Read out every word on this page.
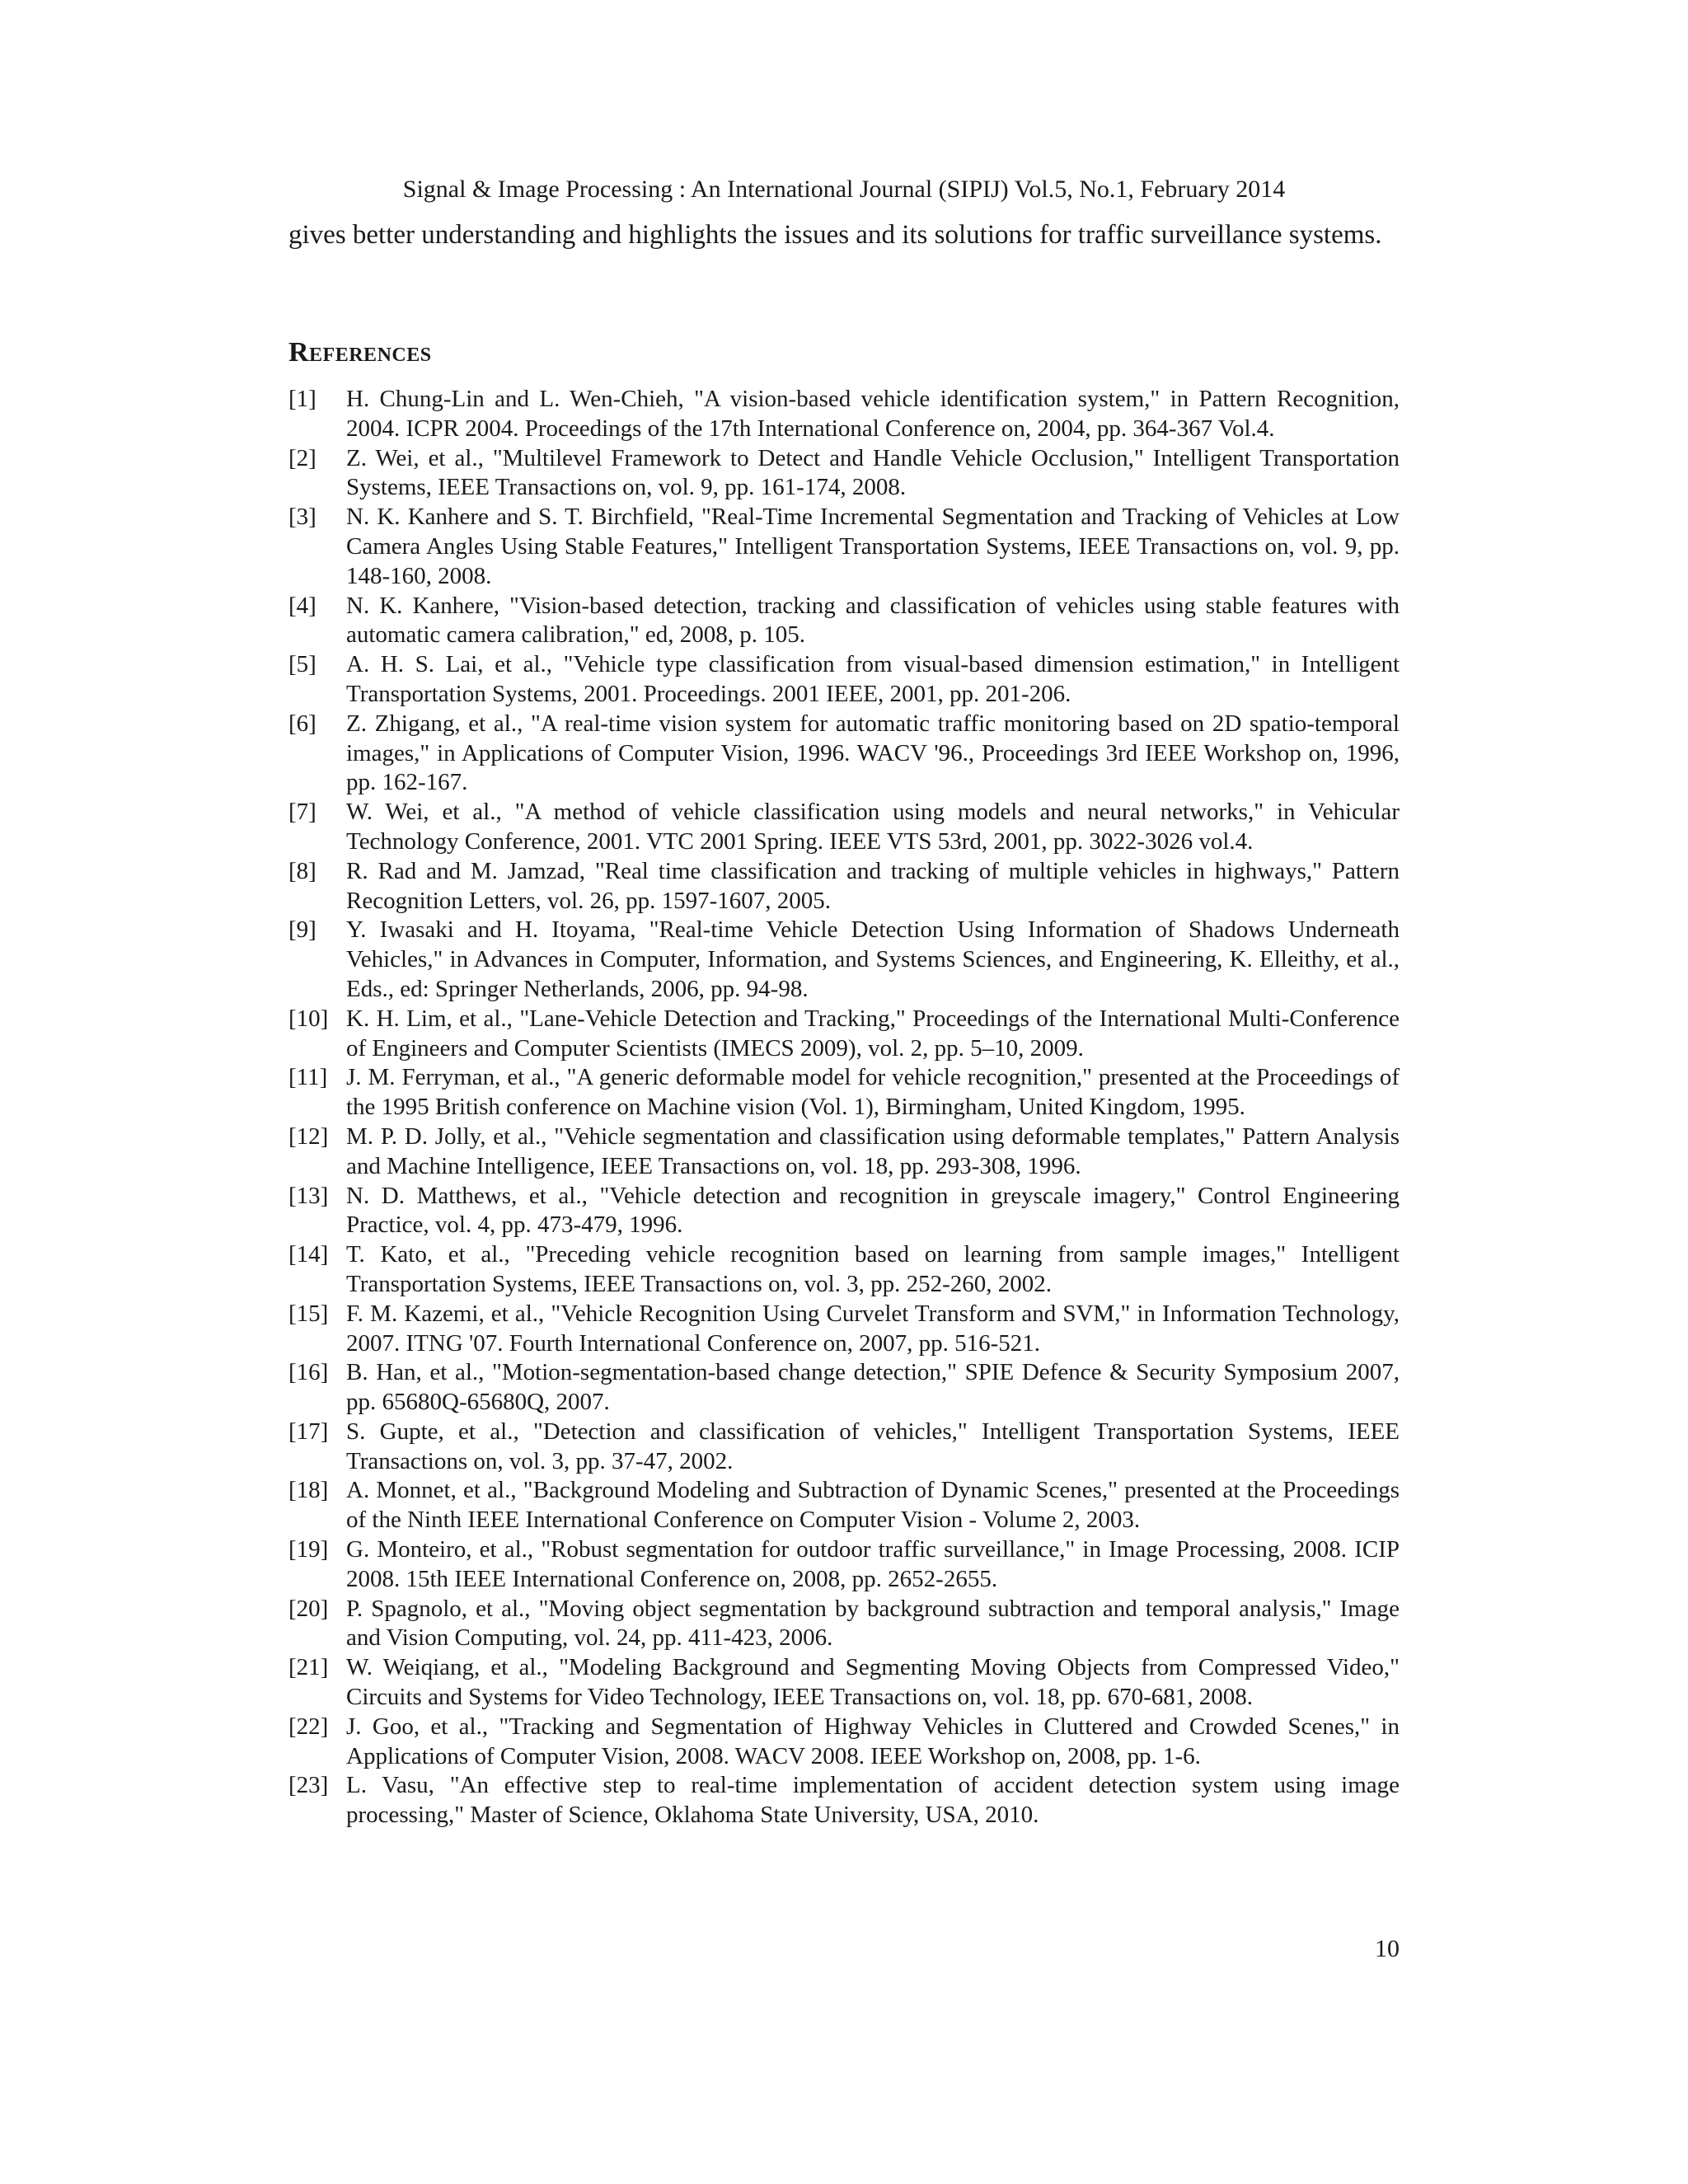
Signal & Image Processing : An International Journal (SIPIJ) Vol.5, No.1, February 2014

gives better understanding and highlights the issues and its solutions for traffic surveillance systems.

References
[1] H. Chung-Lin and L. Wen-Chieh, "A vision-based vehicle identification system," in Pattern Recognition, 2004. ICPR 2004. Proceedings of the 17th International Conference on, 2004, pp. 364-367 Vol.4.
[2] Z. Wei, et al., "Multilevel Framework to Detect and Handle Vehicle Occlusion," Intelligent Transportation Systems, IEEE Transactions on, vol. 9, pp. 161-174, 2008.
[3] N. K. Kanhere and S. T. Birchfield, "Real-Time Incremental Segmentation and Tracking of Vehicles at Low Camera Angles Using Stable Features," Intelligent Transportation Systems, IEEE Transactions on, vol. 9, pp. 148-160, 2008.
[4] N. K. Kanhere, "Vision-based detection, tracking and classification of vehicles using stable features with automatic camera calibration," ed, 2008, p. 105.
[5] A. H. S. Lai, et al., "Vehicle type classification from visual-based dimension estimation," in Intelligent Transportation Systems, 2001. Proceedings. 2001 IEEE, 2001, pp. 201-206.
[6] Z. Zhigang, et al., "A real-time vision system for automatic traffic monitoring based on 2D spatio-temporal images," in Applications of Computer Vision, 1996. WACV '96., Proceedings 3rd IEEE Workshop on, 1996, pp. 162-167.
[7] W. Wei, et al., "A method of vehicle classification using models and neural networks," in Vehicular Technology Conference, 2001. VTC 2001 Spring. IEEE VTS 53rd, 2001, pp. 3022-3026 vol.4.
[8] R. Rad and M. Jamzad, "Real time classification and tracking of multiple vehicles in highways," Pattern Recognition Letters, vol. 26, pp. 1597-1607, 2005.
[9] Y. Iwasaki and H. Itoyama, "Real-time Vehicle Detection Using Information of Shadows Underneath Vehicles," in Advances in Computer, Information, and Systems Sciences, and Engineering, K. Elleithy, et al., Eds., ed: Springer Netherlands, 2006, pp. 94-98.
[10] K. H. Lim, et al., "Lane-Vehicle Detection and Tracking," Proceedings of the International Multi-Conference of Engineers and Computer Scientists (IMECS 2009), vol. 2, pp. 5–10, 2009.
[11] J. M. Ferryman, et al., "A generic deformable model for vehicle recognition," presented at the Proceedings of the 1995 British conference on Machine vision (Vol. 1), Birmingham, United Kingdom, 1995.
[12] M. P. D. Jolly, et al., "Vehicle segmentation and classification using deformable templates," Pattern Analysis and Machine Intelligence, IEEE Transactions on, vol. 18, pp. 293-308, 1996.
[13] N. D. Matthews, et al., "Vehicle detection and recognition in greyscale imagery," Control Engineering Practice, vol. 4, pp. 473-479, 1996.
[14] T. Kato, et al., "Preceding vehicle recognition based on learning from sample images," Intelligent Transportation Systems, IEEE Transactions on, vol. 3, pp. 252-260, 2002.
[15] F. M. Kazemi, et al., "Vehicle Recognition Using Curvelet Transform and SVM," in Information Technology, 2007. ITNG '07. Fourth International Conference on, 2007, pp. 516-521.
[16] B. Han, et al., "Motion-segmentation-based change detection," SPIE Defence & Security Symposium 2007, pp. 65680Q-65680Q, 2007.
[17] S. Gupte, et al., "Detection and classification of vehicles," Intelligent Transportation Systems, IEEE Transactions on, vol. 3, pp. 37-47, 2002.
[18] A. Monnet, et al., "Background Modeling and Subtraction of Dynamic Scenes," presented at the Proceedings of the Ninth IEEE International Conference on Computer Vision - Volume 2, 2003.
[19] G. Monteiro, et al., "Robust segmentation for outdoor traffic surveillance," in Image Processing, 2008. ICIP 2008. 15th IEEE International Conference on, 2008, pp. 2652-2655.
[20] P. Spagnolo, et al., "Moving object segmentation by background subtraction and temporal analysis," Image and Vision Computing, vol. 24, pp. 411-423, 2006.
[21] W. Weiqiang, et al., "Modeling Background and Segmenting Moving Objects from Compressed Video," Circuits and Systems for Video Technology, IEEE Transactions on, vol. 18, pp. 670-681, 2008.
[22] J. Goo, et al., "Tracking and Segmentation of Highway Vehicles in Cluttered and Crowded Scenes," in Applications of Computer Vision, 2008. WACV 2008. IEEE Workshop on, 2008, pp. 1-6.
[23] L. Vasu, "An effective step to real-time implementation of accident detection system using image processing," Master of Science, Oklahoma State University, USA, 2010.
10
